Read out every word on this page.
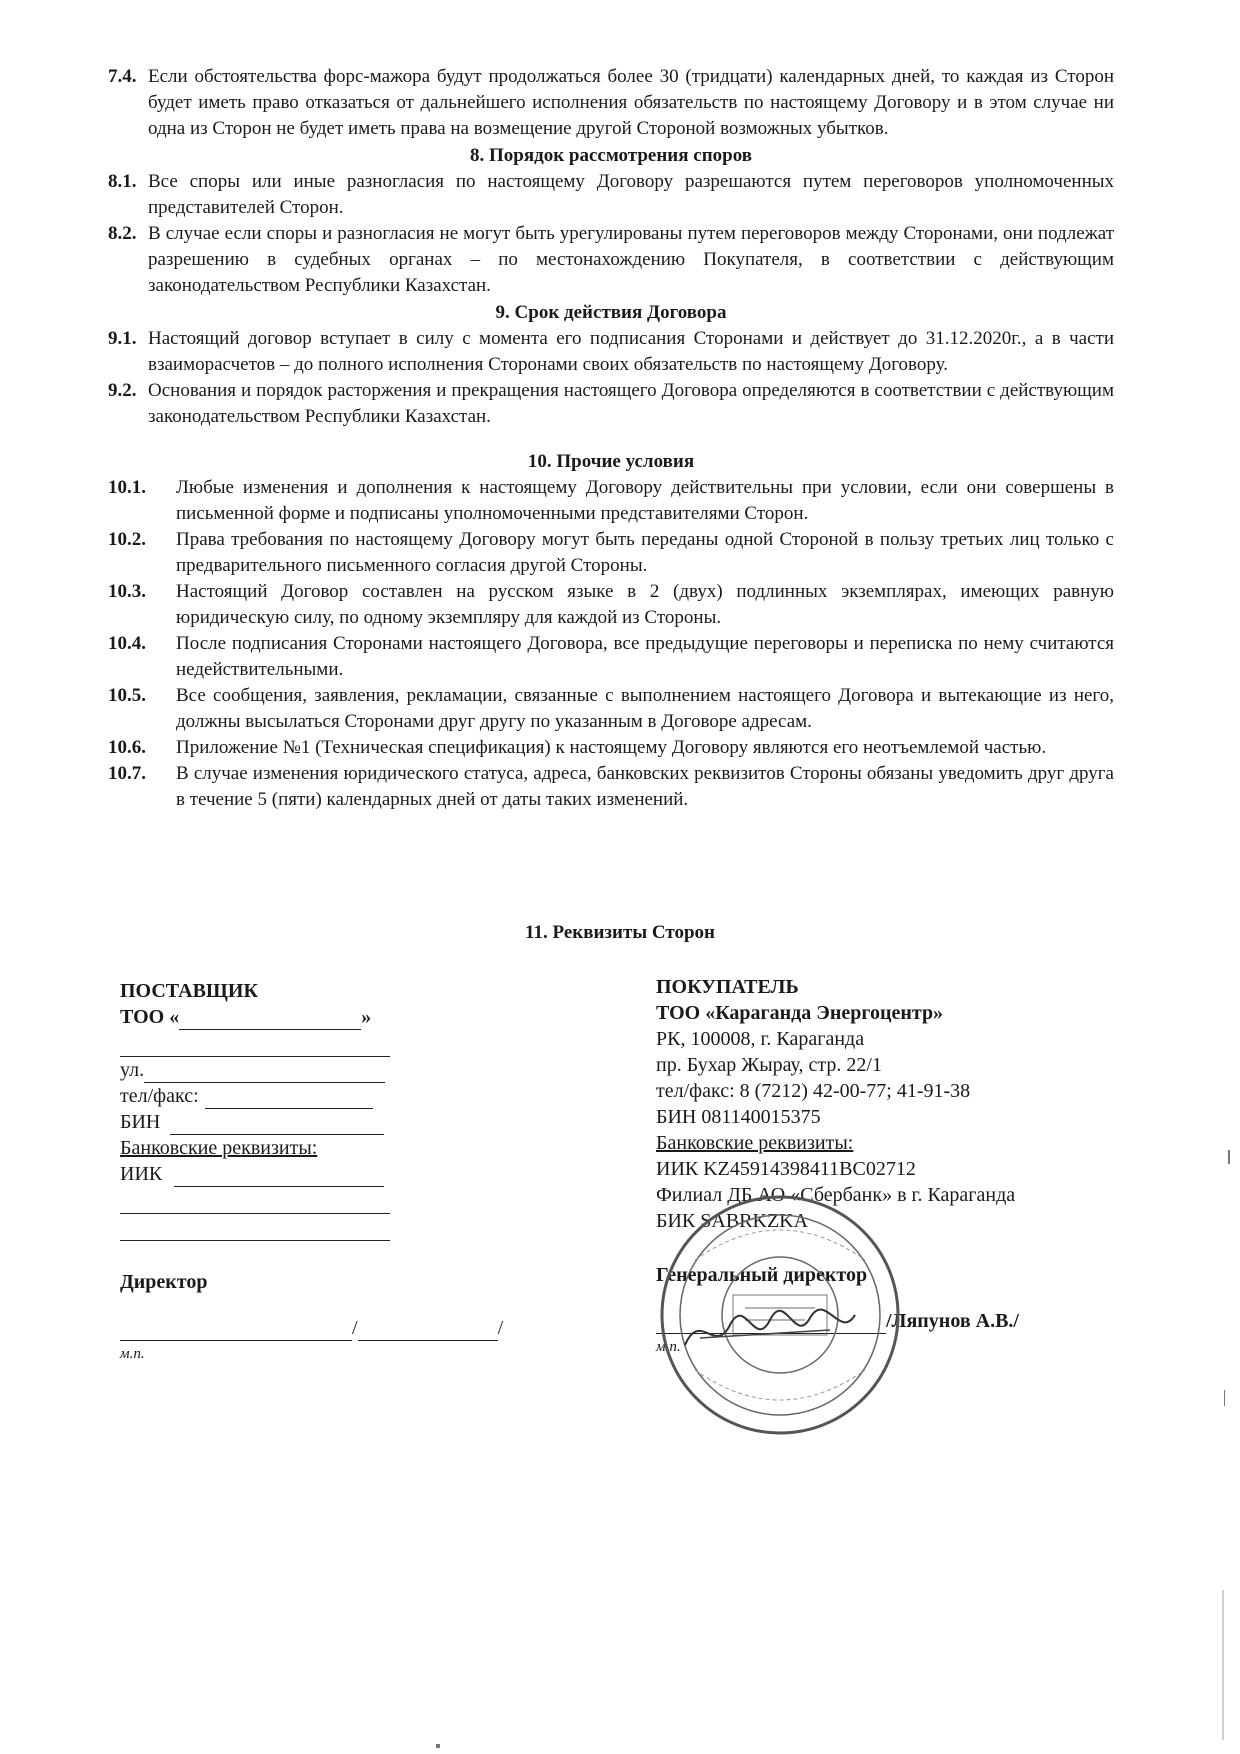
7.4. Если обстоятельства форс-мажора будут продолжаться более 30 (тридцати) календарных дней, то каждая из Сторон будет иметь право отказаться от дальнейшего исполнения обязательств по настоящему Договору и в этом случае ни одна из Сторон не будет иметь права на возмещение другой Стороной возможных убытков.
8. Порядок рассмотрения споров
8.1. Все споры или иные разногласия по настоящему Договору разрешаются путем переговоров уполномоченных представителей Сторон.
8.2. В случае если споры и разногласия не могут быть урегулированы путем переговоров между Сторонами, они подлежат разрешению в судебных органах – по местонахождению Покупателя, в соответствии с действующим законодательством Республики Казахстан.
9. Срок действия Договора
9.1. Настоящий договор вступает в силу с момента его подписания Сторонами и действует до 31.12.2020г., а в части взаиморасчетов – до полного исполнения Сторонами своих обязательств по настоящему Договору.
9.2. Основания и порядок расторжения и прекращения настоящего Договора определяются в соответствии с действующим законодательством Республики Казахстан.
10. Прочие условия
10.1.	Любые изменения и дополнения к настоящему Договору действительны при условии, если они совершены в письменной форме и подписаны уполномоченными представителями Сторон.
10.2.	Права требования по настоящему Договору могут быть переданы одной Стороной в пользу третьих лиц только с предварительного письменного согласия другой Стороны.
10.3.	Настоящий Договор составлен на русском языке в 2 (двух) подлинных экземплярах, имеющих равную юридическую силу, по одному экземпляру для каждой из Стороны.
10.4.	После подписания Сторонами настоящего Договора, все предыдущие переговоры и переписка по нему считаются недействительными.
10.5.	Все сообщения, заявления, рекламации, связанные с выполнением настоящего Договора и вытекающие из него, должны высылаться Сторонами друг другу по указанным в Договоре адресам.
10.6.	Приложение №1 (Техническая спецификация) к настоящему Договору являются его неотъемлемой частью.
10.7.	В случае изменения юридического статуса, адреса, банковских реквизитов Стороны обязаны уведомить друг друга в течение 5 (пяти) календарных дней от даты таких изменений.
11. Реквизиты Сторон
ПОСТАВЩИК
ТОО «	»
ул.
тел/факс:
БИН
Банковские реквизиты:
ИИК
Директор
/	/
м.п.
ПОКУПАТЕЛЬ
ТОО «Караганда Энергоцентр»
РК, 100008, г. Караганда
пр. Бухар Жырау, стр. 22/1
тел/факс: 8 (7212) 42-00-77; 41-91-38
БИН 081140015375
Банковские реквизиты:
ИИК KZ45914398411BC02712
Филиал ДБ АО «Сбербанк» в г. Караганда
БИК SABRKZKA
Генеральный директор
/Ляпунов А.В./
м.п.
